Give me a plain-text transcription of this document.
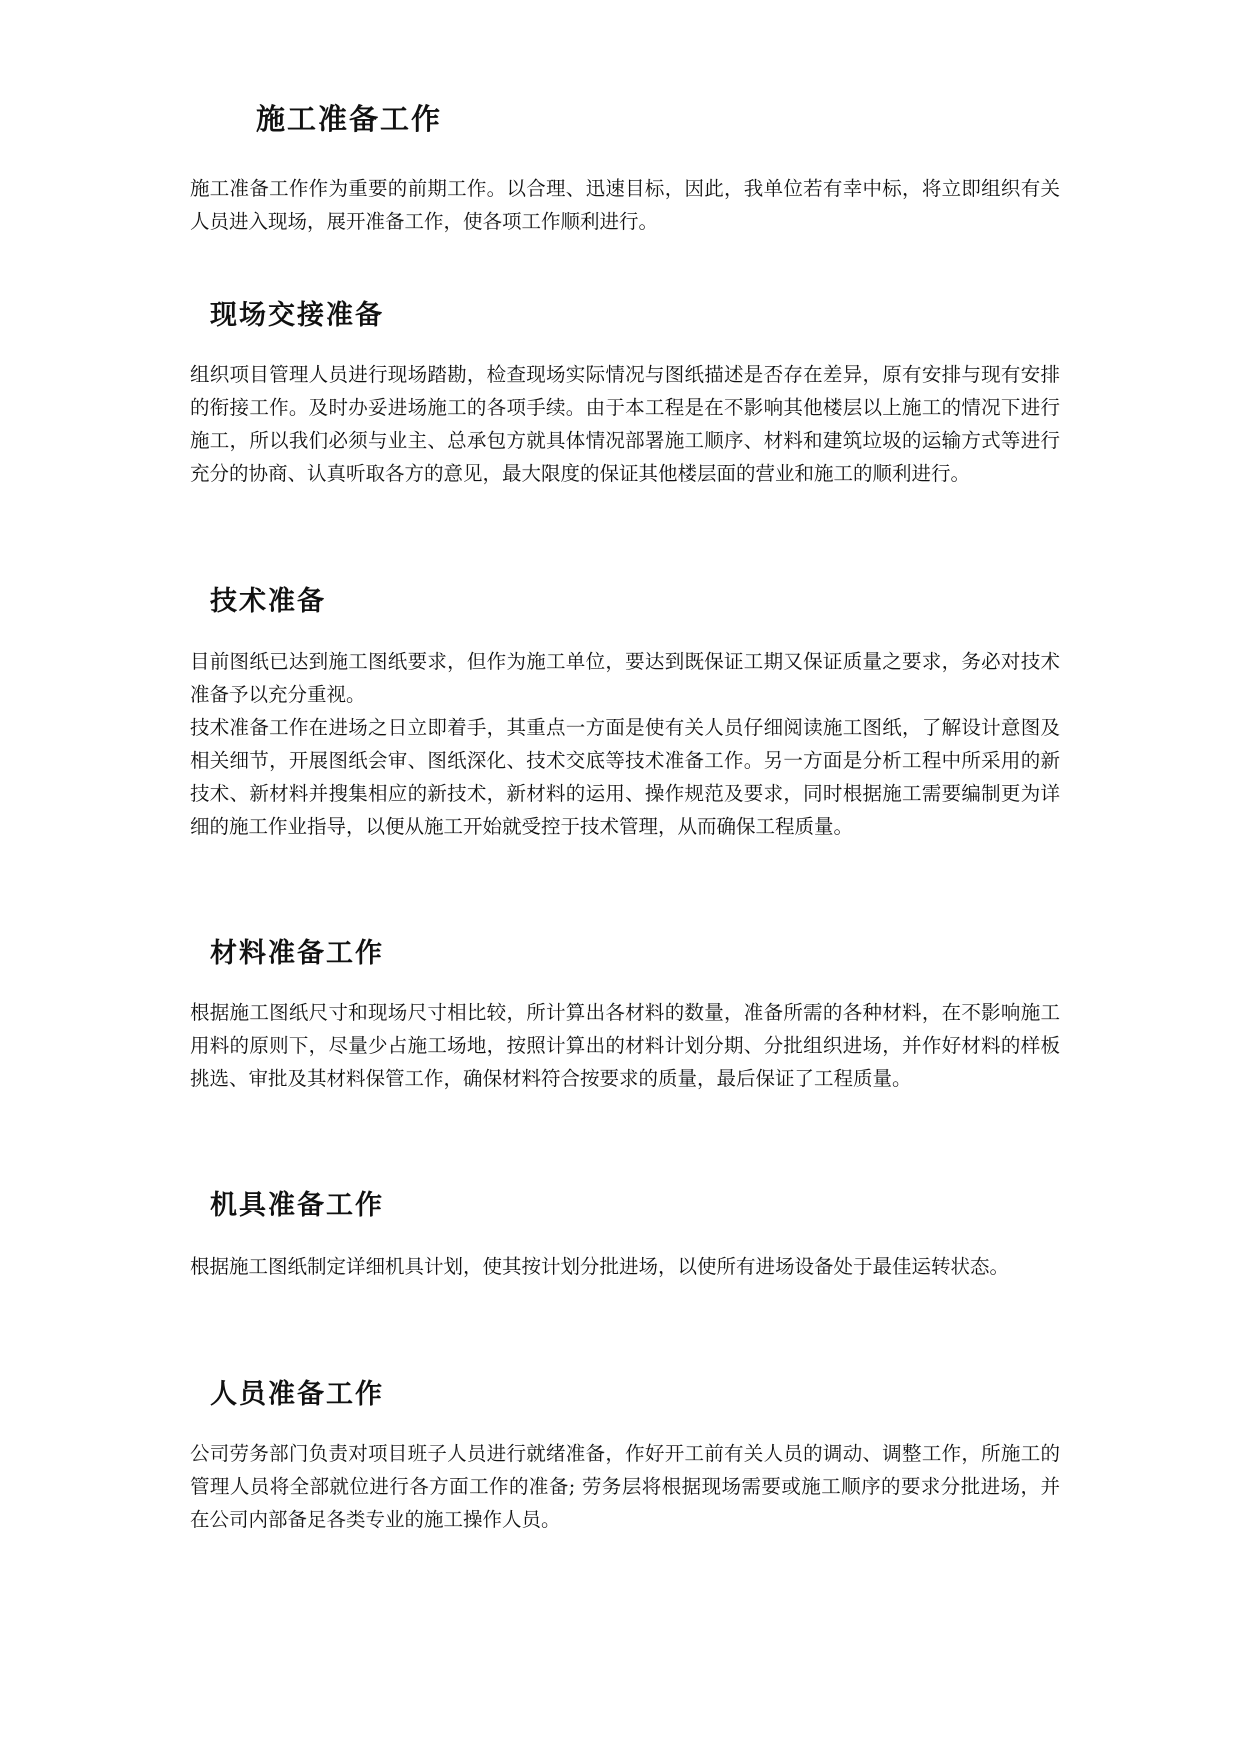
施工准备工作

施工准备工作作为重要的前期工作。以合理、迅速目标，因此，我单位若有幸中标，将立即组织有关人员进入现场，展开准备工作，使各项工作顺利进行。

现场交接准备

组织项目管理人员进行现场踏勘，检查现场实际情况与图纸描述是否存在差异，原有安排与现有安排的衔接工作。及时办妥进场施工的各项手续。由于本工程是在不影响其他楼层以上施工的情况下进行施工，所以我们必须与业主、总承包方就具体情况部署施工顺序、材料和建筑垃圾的运输方式等进行充分的协商、认真听取各方的意见，最大限度的保证其他楼层面的营业和施工的顺利进行。

技术准备

目前图纸已达到施工图纸要求，但作为施工单位，要达到既保证工期又保证质量之要求，务必对技术准备予以充分重视。

技术准备工作在进场之日立即着手，其重点一方面是使有关人员仔细阅读施工图纸，了解设计意图及相关细节，开展图纸会审、图纸深化、技术交底等技术准备工作。另一方面是分析工程中所采用的新技术、新材料并搜集相应的新技术，新材料的运用、操作规范及要求，同时根据施工需要编制更为详细的施工作业指导，以便从施工开始就受控于技术管理，从而确保工程质量。

材料准备工作

根据施工图纸尺寸和现场尺寸相比较，所计算出各材料的数量，准备所需的各种材料，在不影响施工用料的原则下，尽量少占施工场地，按照计算出的材料计划分期、分批组织进场，并作好材料的样板挑选、审批及其材料保管工作，确保材料符合按要求的质量，最后保证了工程质量。

机具准备工作

根据施工图纸制定详细机具计划，使其按计划分批进场，以使所有进场设备处于最佳运转状态。

人员准备工作

公司劳务部门负责对项目班子人员进行就绪准备，作好开工前有关人员的调动、调整工作，所施工的管理人员将全部就位进行各方面工作的准备; 劳务层将根据现场需要或施工顺序的要求分批进场，并在公司内部备足各类专业的施工操作人员。
